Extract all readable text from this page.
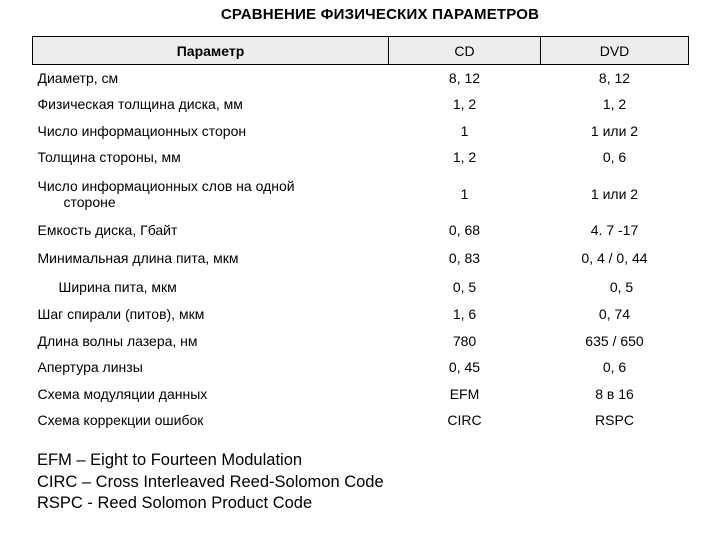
СРАВНЕНИЕ ФИЗИЧЕСКИХ ПАРАМЕТРОВ
Параметр	CD	DVD
Диаметр, см	8, 12	8, 12
Физическая толщина диска, мм	1, 2	1, 2
Число информационных сторон	1	1 или 2
Толщина стороны, мм	1, 2	0, 6

Число информационных слов на одной
стороне	1	1 или 2
Емкость диска, Гбайт	0, 68	4. 7 -17
Минимальная длина пита, мкм	0, 83	0, 4 / 0, 44
Ширина пита, мкм	0, 5	0, 5
Шаг спирали (питов), мкм	1, 6	0, 74
Длина волны лазера, нм	780	635 / 650
Апертура линзы	0, 45	0, 6
Схема модуляции данных	EFM	8 в 16
Схема коррекции ошибок	CIRC	RSPC
EFM – Eight to Fourteen Modulation
CIRC – Cross Interleaved Reed-Solomon Code
RSPC - Reed Solomon Product Code
